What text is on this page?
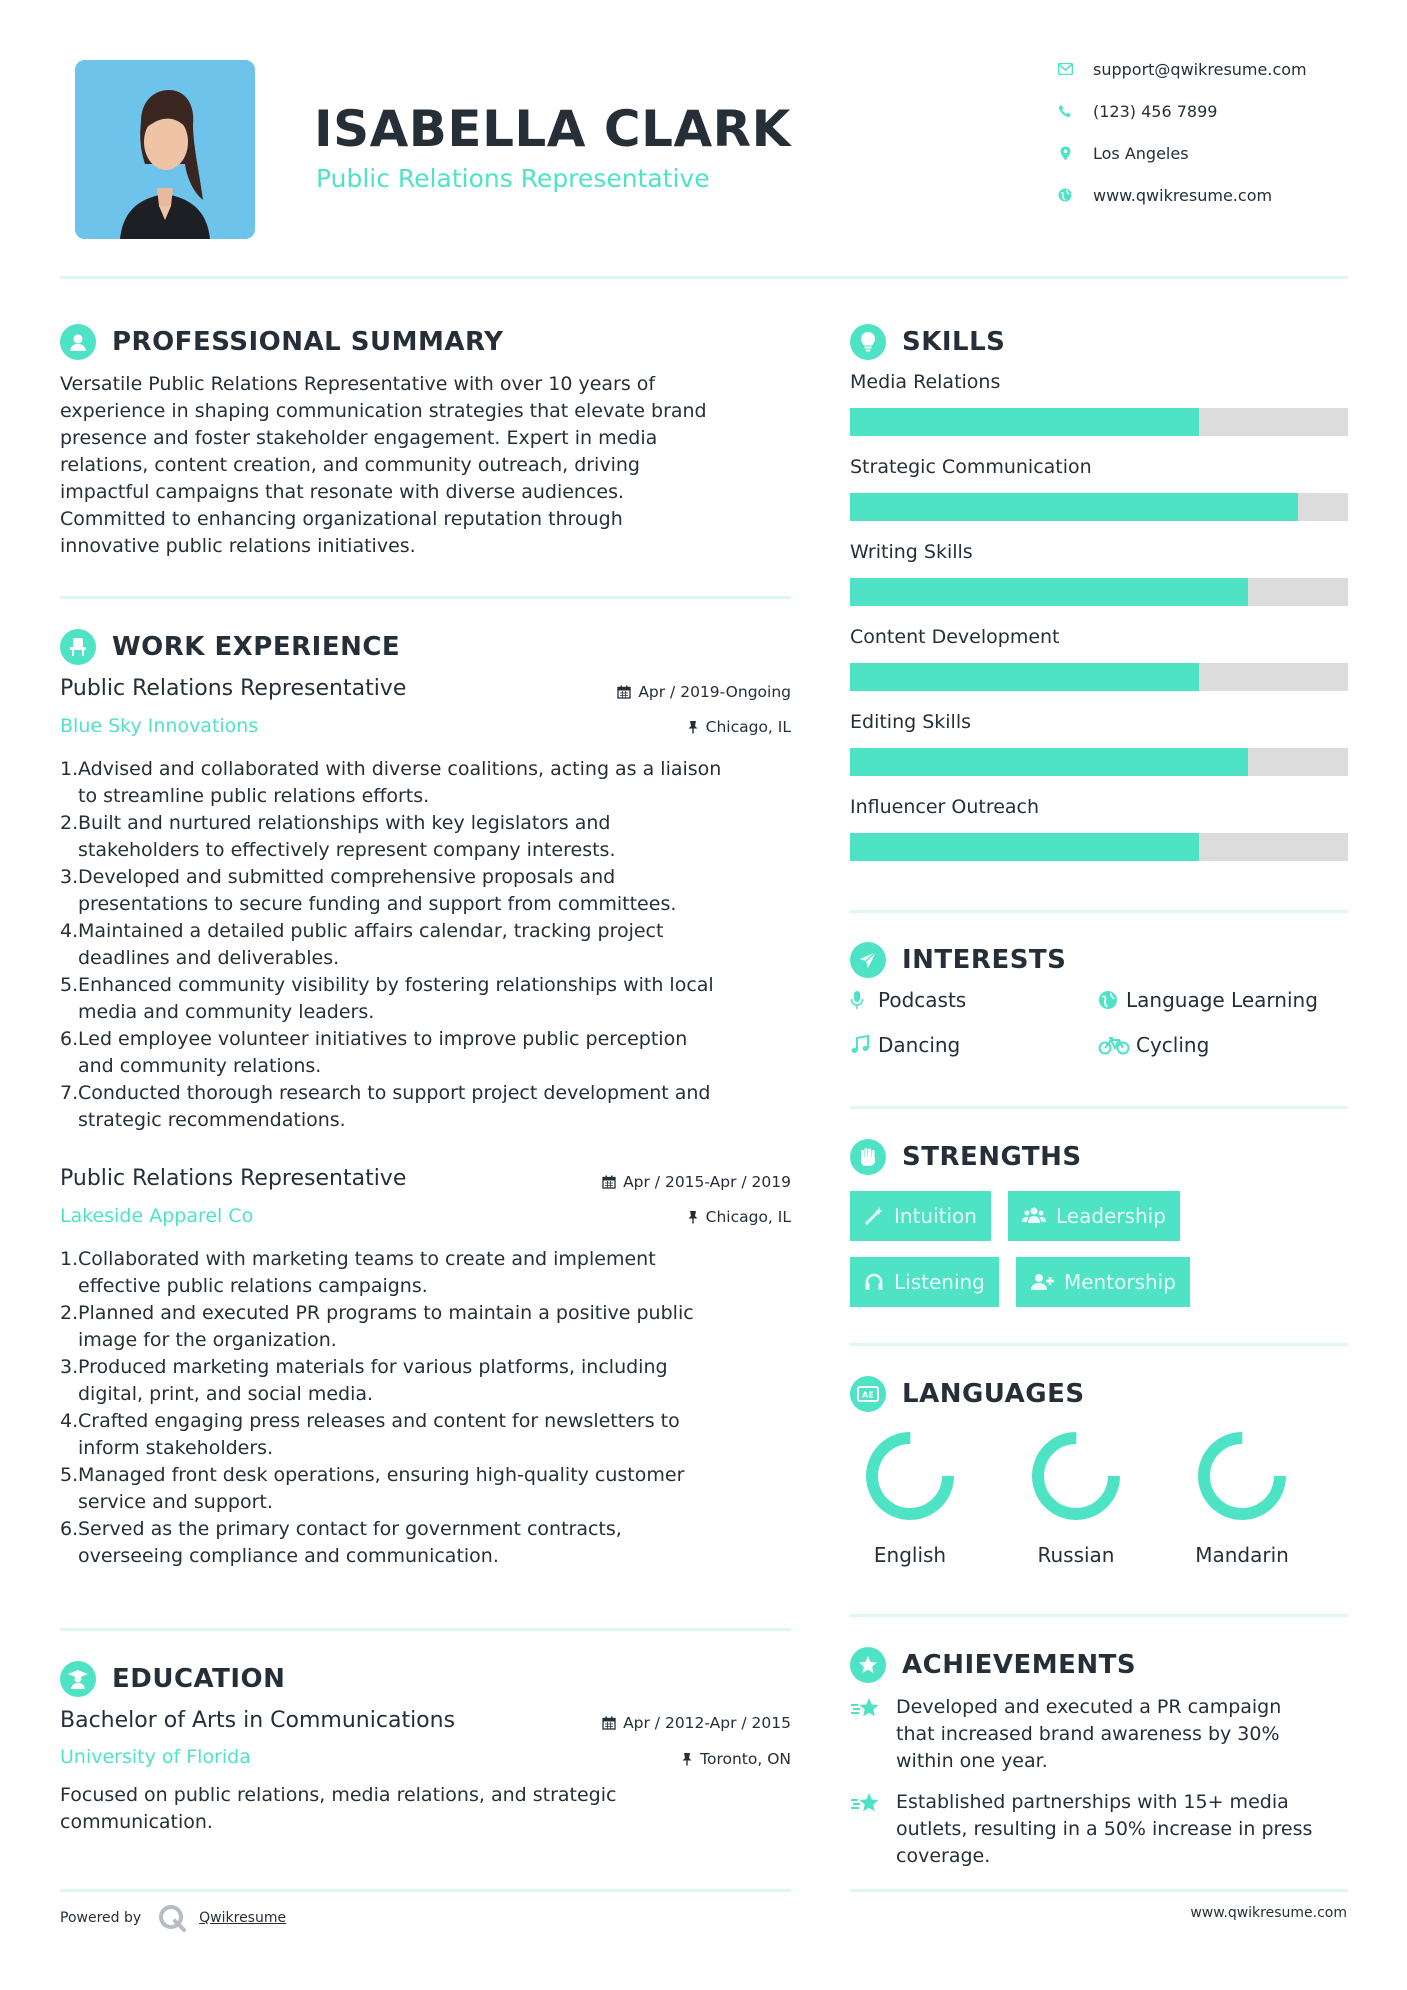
ISABELLA CLARK
Public Relations Representative
support@qwikresume.com
(123) 456 7899
Los Angeles
www.qwikresume.com
PROFESSIONAL SUMMARY
Versatile Public Relations Representative with over 10 years of
experience in shaping communication strategies that elevate brand
presence and foster stakeholder engagement. Expert in media
relations, content creation, and community outreach, driving
impactful campaigns that resonate with diverse audiences.
Committed to enhancing organizational reputation through
innovative public relations initiatives.
WORK EXPERIENCE
Public Relations Representative	Apr / 2019-Ongoing
Blue Sky Innovations	Chicago, IL
1. Advised and collaborated with diverse coalitions, acting as a liaison
to streamline public relations efforts.
2. Built and nurtured relationships with key legislators and
stakeholders to effectively represent company interests.
3. Developed and submitted comprehensive proposals and
presentations to secure funding and support from committees.
4. Maintained a detailed public affairs calendar, tracking project
deadlines and deliverables.
5. Enhanced community visibility by fostering relationships with local
media and community leaders.
6. Led employee volunteer initiatives to improve public perception
and community relations.
7. Conducted thorough research to support project development and
strategic recommendations.
Public Relations Representative	Apr / 2015-Apr / 2019
Lakeside Apparel Co	Chicago, IL
1. Collaborated with marketing teams to create and implement
effective public relations campaigns.
2. Planned and executed PR programs to maintain a positive public
image for the organization.
3. Produced marketing materials for various platforms, including
digital, print, and social media.
4. Crafted engaging press releases and content for newsletters to
inform stakeholders.
5. Managed front desk operations, ensuring high-quality customer
service and support.
6. Served as the primary contact for government contracts,
overseeing compliance and communication.
EDUCATION
Bachelor of Arts in Communications	Apr / 2012-Apr / 2015
University of Florida	Toronto, ON
Focused on public relations, media relations, and strategic
communication.
SKILLS
Media Relations
Strategic Communication
Writing Skills
Content Development
Editing Skills
Influencer Outreach
INTERESTS
Podcasts	Language Learning
Dancing	Cycling
STRENGTHS
Intuition	Leadership
Listening	Mentorship
AE LANGUAGES
English	Russian	Mandarin
ACHIEVEMENTS
Developed and executed a PR campaign
that increased brand awareness by 30%
within one year.
Established partnerships with 15+ media
outlets, resulting in a 50% increase in press
coverage.
Powered by	Qwikresume	www.qwikresume.com
